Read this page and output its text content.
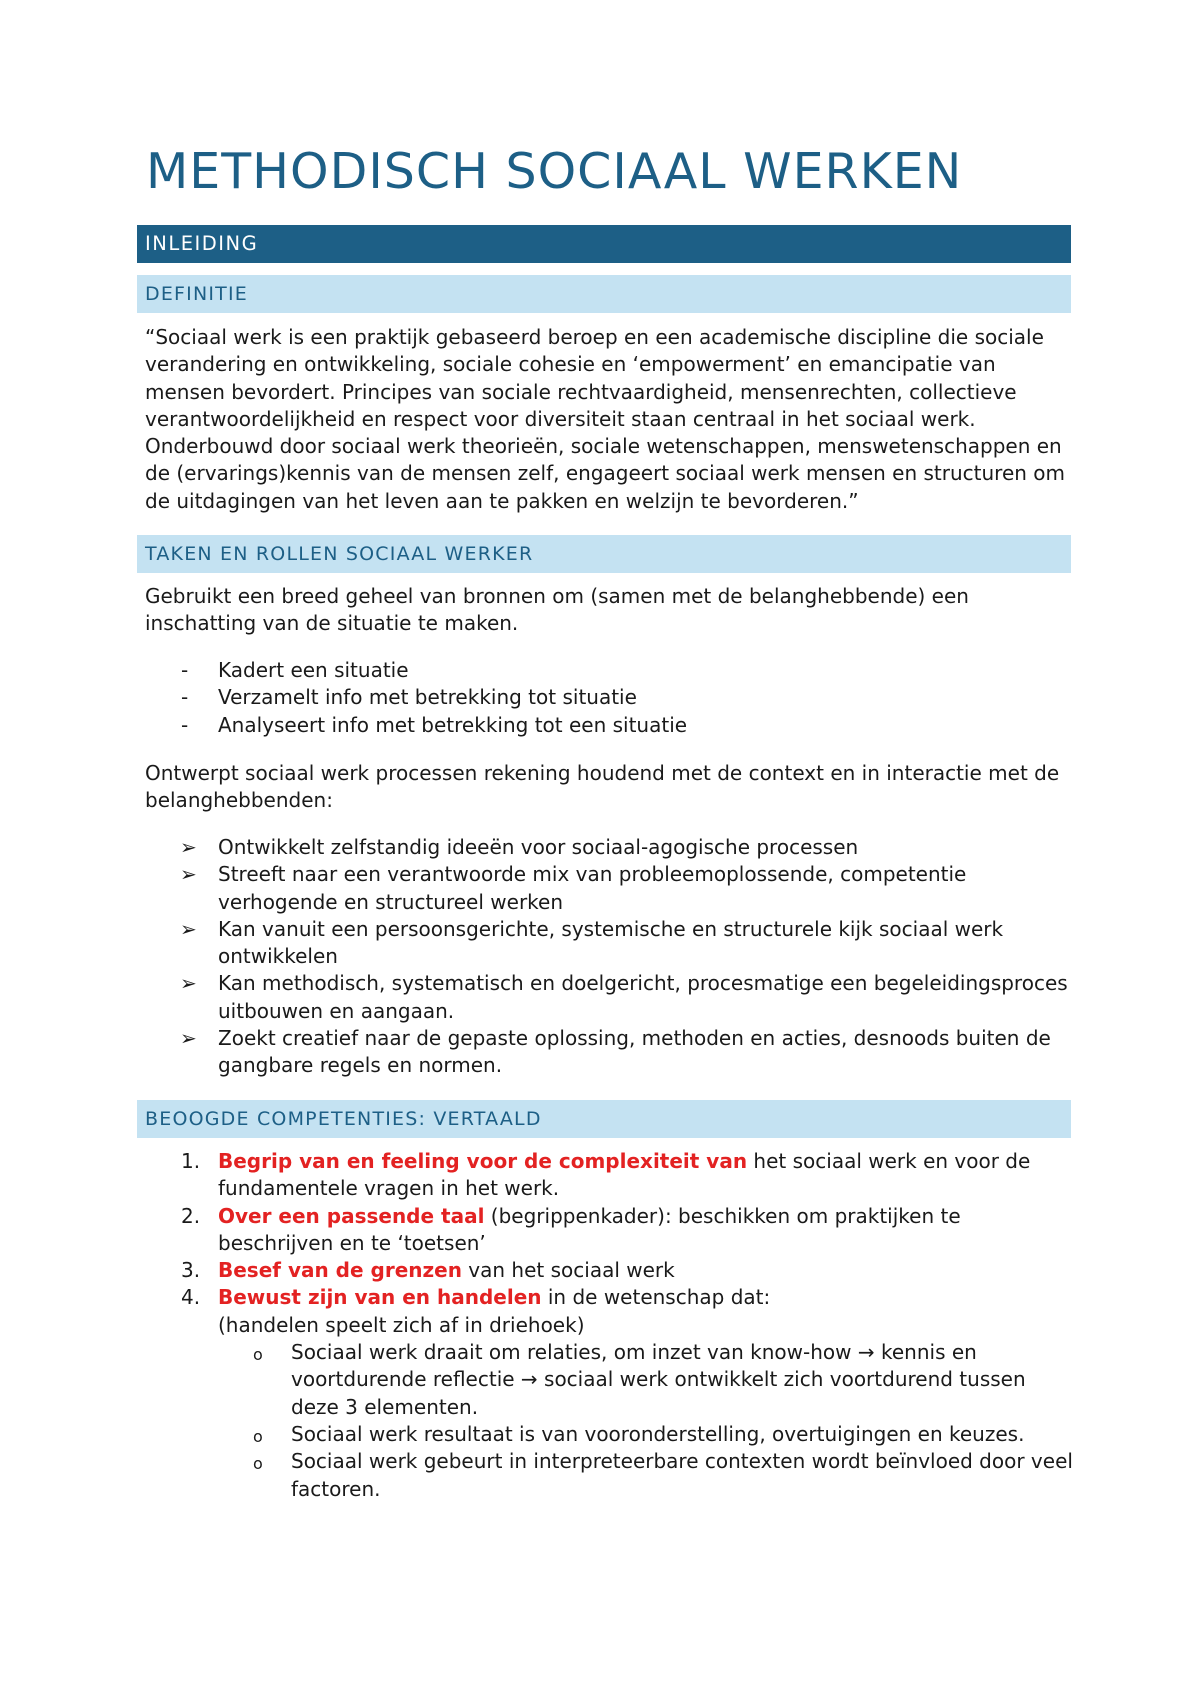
METHODISCH SOCIAAL WERKEN
INLEIDING
DEFINITIE

“Sociaal werk is een praktijk gebaseerd beroep en een academische discipline die sociale verandering en ontwikkeling, sociale cohesie en ‘empowerment’ en emancipatie van mensen bevordert. Principes van sociale rechtvaardigheid, mensenrechten, collectieve verantwoordelijkheid en respect voor diversiteit staan centraal in het sociaal werk. Onderbouwd door sociaal werk theorieën, sociale wetenschappen, menswetenschappen en de (ervarings)kennis van de mensen zelf, engageert sociaal werk mensen en structuren om de uitdagingen van het leven aan te pakken en welzijn te bevorderen.”

TAKEN EN ROLLEN SOCIAAL WERKER

Gebruikt een breed geheel van bronnen om (samen met de belanghebbende) een inschatting van de situatie te maken.

- Kadert een situatie
- Verzamelt info met betrekking tot situatie
- Analyseert info met betrekking tot een situatie

Ontwerpt sociaal werk processen rekening houdend met de context en in interactie met de belanghebbenden:

➢ Ontwikkelt zelfstandig ideeën voor sociaal-agogische processen
➢ Streeft naar een verantwoorde mix van probleemoplossende, competentie verhogende en structureel werken
➢ Kan vanuit een persoonsgerichte, systemische en structurele kijk sociaal werk ontwikkelen
➢ Kan methodisch, systematisch en doelgericht, procesmatige een begeleidingsproces uitbouwen en aangaan.
➢ Zoekt creatief naar de gepaste oplossing, methoden en acties, desnoods buiten de gangbare regels en normen.
BEOOGDE COMPETENTIES: VERTAALD
1. Begrip van en feeling voor de complexiteit van het sociaal werk en voor de fundamentele vragen in het werk.
2. Over een passende taal (begrippenkader): beschikken om praktijken te beschrijven en te ‘toetsen’
3. Besef van de grenzen van het sociaal werk
4. Bewust zijn van en handelen in de wetenschap dat:
(handelen speelt zich af in driehoek)
o Sociaal werk draait om relaties, om inzet van know-how → kennis en voortdurende reflectie → sociaal werk ontwikkelt zich voortdurend tussen deze 3 elementen.
o Sociaal werk resultaat is van vooronderstelling, overtuigingen en keuzes.
o Sociaal werk gebeurt in interpreteerbare contexten wordt beïnvloed door veel factoren.
